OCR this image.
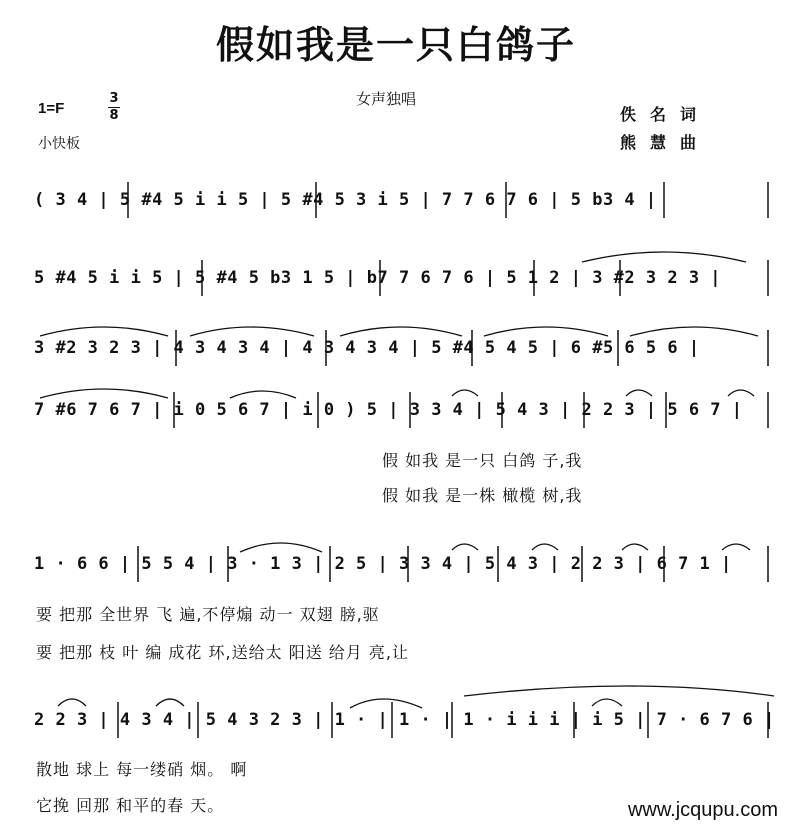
假如我是一只白鸽子
女声独唱
1=F
3
8
小快板
佚名词
熊慧曲
( 3 4 | 5 #4 5 i i 5 | 5 #4 5 3 i 5 | 7 7 6 7 6 | 5 b3 4 |
5 #4 5 i i 5 | 5 #4 5 b3 1 5 | b7 7 6 7 6 | 5 1 2 | 3 #2 3 2 3 |
3 #2 3 2 3 | 4 3 4 3 4 | 4 3 4 3 4 | 5 #4 5 4 5 | 6 #5 6 5 6 |
7 #6 7 6 7 | i 0 5 6 7 | i 0 ) 5 | 3 3 4 | 5 4 3 | 2 2 3 | 5 6 7 |
假 如我 是一只 白鸽 子,我
假 如我 是一株 橄榄 树,我
1 · 6 6 | 5 5 4 | 3 · 1 3 | 2 5 | 3 3 4 | 5 4 3 | 2 2 3 | 6 7 1 |
要 把那 全世界 飞 遍,不停煽 动一 双翅 膀,驱
要 把那 枝 叶 编 成花 环,送给太 阳送 给月 亮,让
2 2 3 | 4 3 4 | 5 4 3 2 3 | 1 · | 1 · | 1 · i i i | i 5 | 7 · 6 7 6 |
散地 球上 每一缕硝 烟。 啊
它挽 回那 和平的春 天。	www.jcqupu.com
